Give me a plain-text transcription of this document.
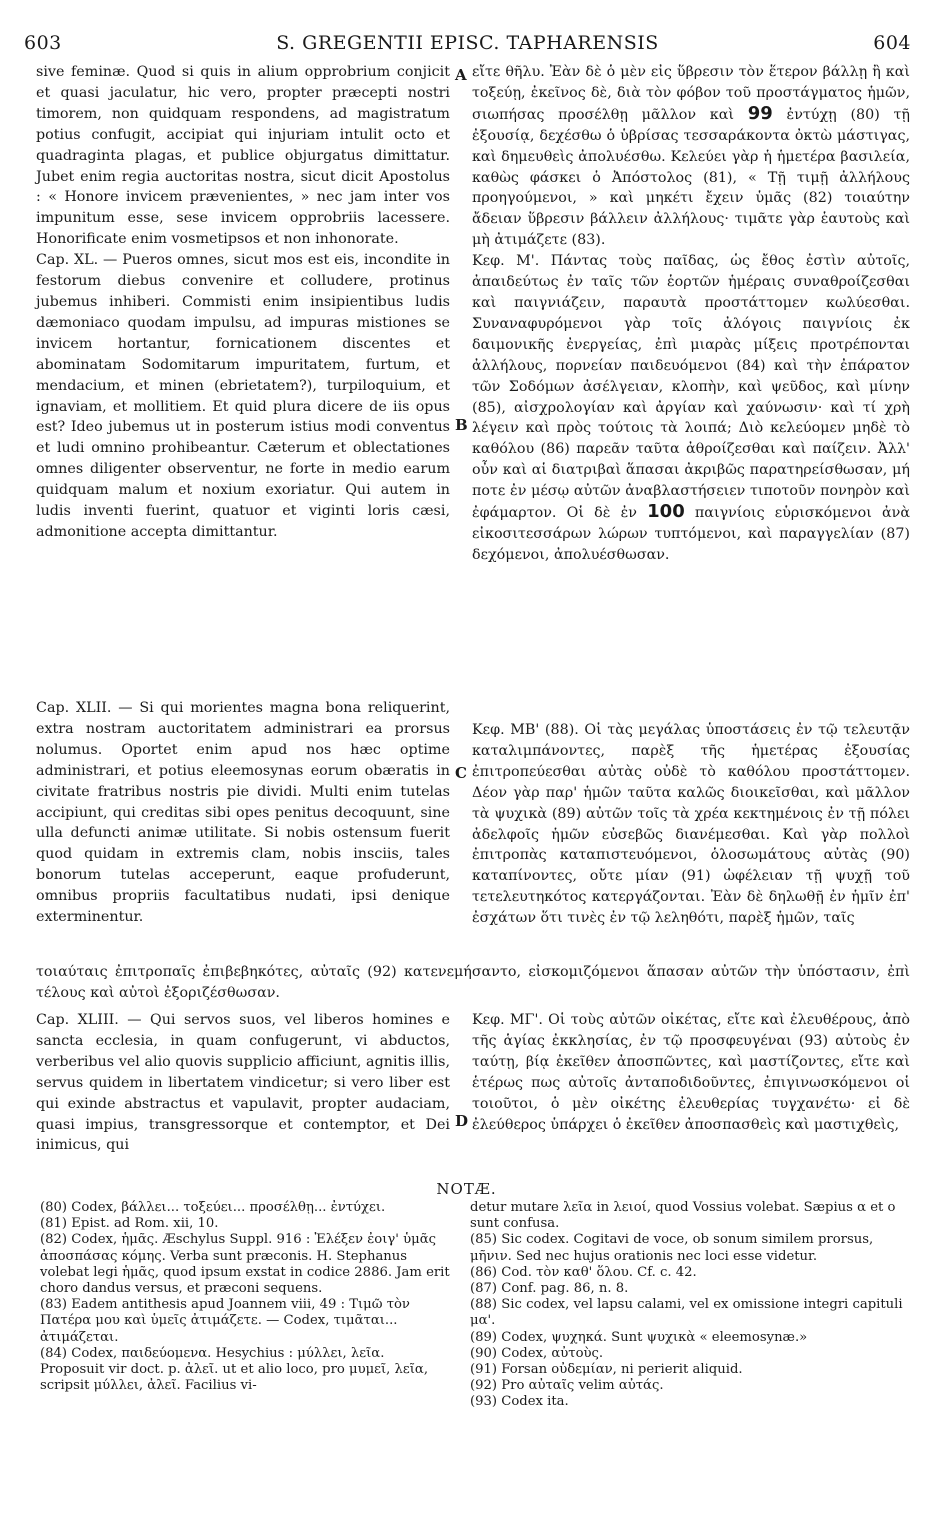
603	S. GREGENTII EPISC. TAPHARENSIS	604
A
B
C
D

sive feminæ. Quod si quis in alium opprobrium conjicit et quasi jaculatur, hic vero, propter præcepti nostri timorem, non quidquam respondens, ad magistratum potius confugit, accipiat qui injuriam intulit octo et quadraginta plagas, et publice objurgatus dimittatur. Jubet enim regia auctoritas nostra, sicut dicit Apostolus : « Honore invicem prævenientes, » nec jam inter vos impunitum esse, sese invicem opprobriis lacessere. Honorificate enim vosmetipsos et non inhonorate.

Cap. XL. — Pueros omnes, sicut mos est eis, incondite in festorum diebus convenire et colludere, protinus jubemus inhiberi. Commisti enim insipientibus ludis dæmoniaco quodam impulsu, ad impuras mistiones se invicem hortantur, fornicationem discentes et abominatam Sodomitarum impuritatem, furtum, et mendacium, et minen (ebrietatem?), turpiloquium, et ignaviam, et mollitiem. Et quid plura dicere de iis opus est? Ideo jubemus ut in posterum istius modi conventus et ludi omnino prohibeantur. Cæterum et oblectationes omnes diligenter observentur, ne forte in medio earum quidquam malum et noxium exoriatur. Qui autem in ludis inventi fuerint, quatuor et viginti loris cæsi, admonitione accepta dimittantur.

Cap. XLII. — Si qui morientes magna bona reliquerint, extra nostram auctoritatem administrari ea prorsus nolumus. Oportet enim apud nos hæc optime administrari, et potius eleemosynas eorum obæratis in civitate fratribus nostris pie dividi. Multi enim tutelas accipiunt, qui creditas sibi opes penitus decoquunt, sine ulla defuncti animæ utilitate. Si nobis ostensum fuerit quod quidam in extremis clam, nobis insciis, tales bonorum tutelas acceperunt, eaque profuderunt, omnibus propriis facultatibus nudati, ipsi denique exterminentur.

Cap. XLIII. — Qui servos suos, vel liberos homines e sancta ecclesia, in quam confugerunt, vi abductos, verberibus vel alio quovis supplicio afficiunt, agnitis illis, servus quidem in libertatem vindicetur; si vero liber est qui exinde abstractus et vapulavit, propter audaciam, quasi impius, transgressorque et contemptor, et Dei inimicus, qui

εἴτε θῆλυ. Ἐὰν δὲ ὁ μὲν εἰς ὕβρεσιν τὸν ἕτερον βάλλῃ ἢ καὶ τοξεύῃ, ἐκεῖνος δὲ, διὰ τὸν φόβον τοῦ προστάγματος ἡμῶν, σιωπήσας προσέλθῃ μᾶλλον καὶ 99 ἐντύχῃ (80) τῇ ἐξουσίᾳ, δεχέσθω ὁ ὑβρίσας τεσσαράκοντα ὀκτὼ μάστιγας, καὶ δημευθεὶς ἀπολυέσθω. Κελεύει γὰρ ἡ ἡμετέρα βασιλεία, καθὼς φάσκει ὁ Ἀπόστολος (81), « Τῇ τιμῇ ἀλλήλους προηγούμενοι, » καὶ μηκέτι ἔχειν ὑμᾶς (82) τοιαύτην ἄδειαν ὕβρεσιν βάλλειν ἀλλήλους· τιμᾶτε γὰρ ἑαυτοὺς καὶ μὴ ἀτιμάζετε (83).

Κεφ. Μ'. Πάντας τοὺς παῖδας, ὡς ἔθος ἐστὶν αὐτοῖς, ἀπαιδεύτως ἐν ταῖς τῶν ἑορτῶν ἡμέραις συναθροίζεσθαι καὶ παιγνιάζειν, παραυτὰ προστάττομεν κωλύεσθαι. Συναναφυρόμενοι γὰρ τοῖς ἀλόγοις παιγνίοις ἐκ δαιμονικῆς ἐνεργείας, ἐπὶ μιαρὰς μίξεις προτρέπονται ἀλλήλους, πορνείαν παιδευόμενοι (84) καὶ τὴν ἐπάρατον τῶν Σοδόμων ἀσέλγειαν, κλοπὴν, καὶ ψεῦδος, καὶ μίνην (85), αἰσχρολογίαν καὶ ἀργίαν καὶ χαύνωσιν· καὶ τί χρὴ λέγειν καὶ πρὸς τούτοις τὰ λοιπά; Διὸ κελεύομεν μηδὲ τὸ καθόλου (86) παρεᾶν ταῦτα ἀθροίζεσθαι καὶ παίζειν. Ἀλλ' οὖν καὶ αἱ διατριβαὶ ἅπασαι ἀκριβῶς παρατηρείσθωσαν, μή ποτε ἐν μέσῳ αὐτῶν ἀναβλαστήσειεν τιποτοῦν πονηρὸν καὶ ἐφάμαρτον. Οἱ δὲ ἐν 100 παιγνίοις εὑρισκόμενοι ἀνὰ εἰκοσιτεσσάρων λώρων τυπτόμενοι, καὶ παραγγελίαν (87) δεχόμενοι, ἀπολυέσθωσαν.

Κεφ. ΜΒ' (88). Οἱ τὰς μεγάλας ὑποστάσεις ἐν τῷ τελευτᾷν καταλιμπάνοντες, παρὲξ τῆς ἡμετέρας ἐξουσίας ἐπιτροπεύεσθαι αὐτὰς οὐδὲ τὸ καθόλου προστάττομεν. Δέον γὰρ παρ' ἡμῶν ταῦτα καλῶς διοικεῖσθαι, καὶ μᾶλλον τὰ ψυχικὰ (89) αὐτῶν τοῖς τὰ χρέα κεκτημένοις ἐν τῇ πόλει ἀδελφοῖς ἡμῶν εὐσεβῶς διανέμεσθαι. Καὶ γὰρ πολλοὶ ἐπιτροπὰς καταπιστευόμενοι, ὁλοσωμάτους αὐτὰς (90) καταπίνοντες, οὔτε μίαν (91) ὠφέλειαν τῇ ψυχῇ τοῦ τετελευτηκότος κατεργάζονται. Ἐὰν δὲ δηλωθῇ ἐν ἡμῖν ἐπ' ἐσχάτων ὅτι τινὲς ἐν τῷ λεληθότι, παρὲξ ἡμῶν, ταῖς

τοιαύταις ἐπιτροπαῖς ἐπιβεβηκότες, αὐταῖς (92) κατενεμήσαντο, εἰσκομιζόμενοι ἅπασαν αὐτῶν τὴν ὑπόστασιν, ἐπὶ τέλους καὶ αὐτοὶ ἐξοριζέσθωσαν.

Κεφ. ΜΓ'. Οἱ τοὺς αὐτῶν οἰκέτας, εἴτε καὶ ἐλευθέρους, ἀπὸ τῆς ἁγίας ἐκκλησίας, ἐν τῷ προσφευγέναι (93) αὐτοὺς ἐν ταύτῃ, βίᾳ ἐκεῖθεν ἀποσπῶντες, καὶ μαστίζοντες, εἴτε καὶ ἑτέρως πως αὐτοῖς ἀνταποδιδοῦντες, ἐπιγινωσκόμενοι οἱ τοιοῦτοι, ὁ μὲν οἰκέτης ἐλευθερίας τυγχανέτω· εἰ δὲ ἐλεύθερος ὑπάρχει ὁ ἐκεῖθεν ἀποσπασθεὶς καὶ μαστιχθεὶς,

NOTÆ.

(80) Codex, βάλλει... τοξεύει... προσέλθῃ... ἐντύχει.

(81) Epist. ad Rom. xii, 10.

(82) Codex, ἡμᾶς. Æschylus Suppl. 916 : Ἐλέξεν ἐοιγ' ὑμᾶς ἀποσπάσας κόμης. Verba sunt præconis. H. Stephanus volebat legi ἡμᾶς, quod ipsum exstat in codice 2886. Jam erit choro dandus versus, et præconi sequens.

(83) Eadem antithesis apud Joannem viii, 49 : Τιμῶ τὸν Πατέρα μου καὶ ὑμεῖς ἀτιμάζετε. — Codex, τιμᾶται... ἀτιμάζεται.

(84) Codex, παιδεύομενα. Hesychius : μύλλει, λεῖα. Proposuit vir doct. p. ἀλεῖ. ut et alio loco, pro μυμεῖ, λεῖα, scripsit μύλλει, ἀλεῖ. Facilius vi-

detur mutare λεῖα in λειοί, quod Vossius volebat. Sæpius α et ο sunt confusa.

(85) Sic codex. Cogitavi de voce, ob sonum similem prorsus, μῆνιν. Sed nec hujus orationis nec loci esse videtur.

(86) Cod. τὸν καθ' ὅλου. Cf. c. 42.

(87) Conf. pag. 86, n. 8.

(88) Sic codex, vel lapsu calami, vel ex omissione integri capituli μα'.

(89) Codex, ψυχηκά. Sunt ψυχικὰ « eleemosynæ.»

(90) Codex, αὐτοὺς.

(91) Forsan οὐδεμίαν, ni perierit aliquid.

(92) Pro αὐταῖς velim αὐτάς.

(93) Codex ita.
